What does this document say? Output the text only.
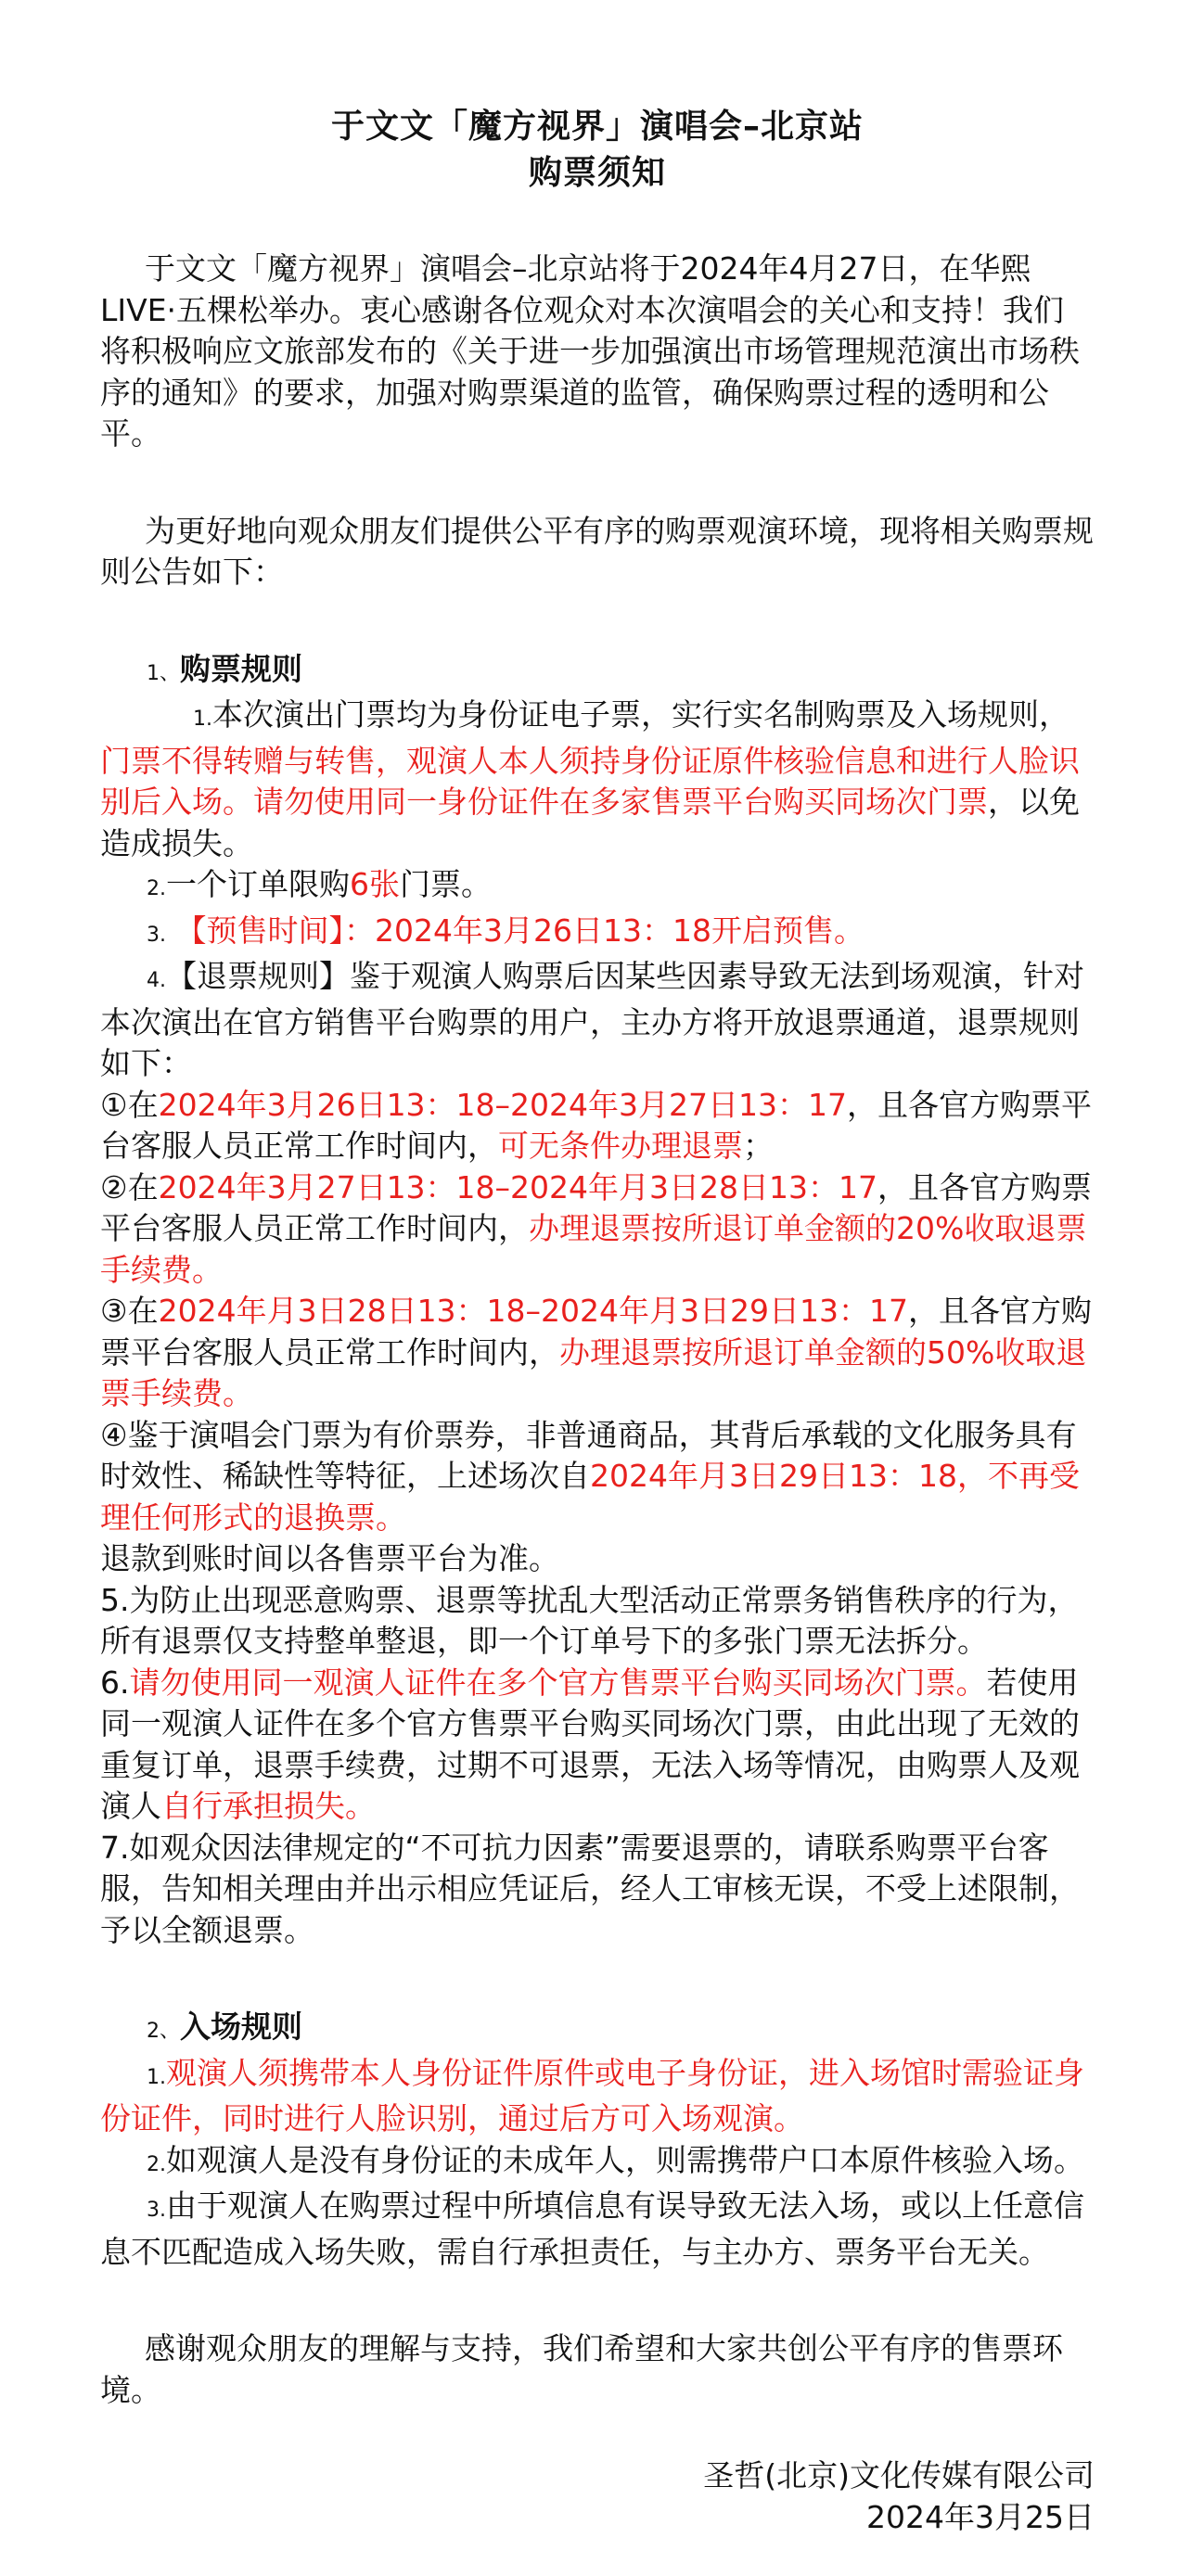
于文文「魔方视界」演唱会–北京站
购票须知

于文文「魔方视界」演唱会–北京站将于2024年4月27日，在华熙LIVE·五棵松举办。衷心感谢各位观众对本次演唱会的关心和支持！我们将积极响应文旅部发布的《关于进一步加强演出市场管理规范演出市场秩序的通知》的要求，加强对购票渠道的监管，确保购票过程的透明和公平。

为更好地向观众朋友们提供公平有序的购票观演环境，现将相关购票规则公告如下：

1、购票规则

1.本次演出门票均为身份证电子票，实行实名制购票及入场规则，门票不得转赠与转售，观演人本人须持身份证原件核验信息和进行人脸识别后入场。请勿使用同一身份证件在多家售票平台购买同场次门票，以免造成损失。

2.一个订单限购6张门票。

3. 【预售时间】：2024年3月26日13：18开启预售。

4.【退票规则】鉴于观演人购票后因某些因素导致无法到场观演，针对本次演出在官方销售平台购票的用户，主办方将开放退票通道，退票规则如下：

①在2024年3月26日13：18–2024年3月27日13：17，且各官方购票平台客服人员正常工作时间内，可无条件办理退票；

②在2024年3月27日13：18–2024年月3日28日13：17，且各官方购票平台客服人员正常工作时间内，办理退票按所退订单金额的20%收取退票手续费。

③在2024年月3日28日13：18–2024年月3日29日13：17，且各官方购票平台客服人员正常工作时间内，办理退票按所退订单金额的50%收取退票手续费。

④鉴于演唱会门票为有价票券，非普通商品，其背后承载的文化服务具有时效性、稀缺性等特征，上述场次自2024年月3日29日13：18，不再受理任何形式的退换票。

退款到账时间以各售票平台为准。

5.为防止出现恶意购票、退票等扰乱大型活动正常票务销售秩序的行为，所有退票仅支持整单整退，即一个订单号下的多张门票无法拆分。

6.请勿使用同一观演人证件在多个官方售票平台购买同场次门票。若使用同一观演人证件在多个官方售票平台购买同场次门票，由此出现了无效的重复订单，退票手续费，过期不可退票，无法入场等情况，由购票人及观演人自行承担损失。

7.如观众因法律规定的“不可抗力因素”需要退票的，请联系购票平台客服，告知相关理由并出示相应凭证后，经人工审核无误，不受上述限制，予以全额退票。

2、入场规则

1.观演人须携带本人身份证件原件或电子身份证，进入场馆时需验证身份证件，同时进行人脸识别，通过后方可入场观演。

2.如观演人是没有身份证的未成年人，则需携带户口本原件核验入场。

3.由于观演人在购票过程中所填信息有误导致无法入场，或以上任意信息不匹配造成入场失败，需自行承担责任，与主办方、票务平台无关。

感谢观众朋友的理解与支持，我们希望和大家共创公平有序的售票环境。

圣哲(北京)文化传媒有限公司
2024年3月25日
